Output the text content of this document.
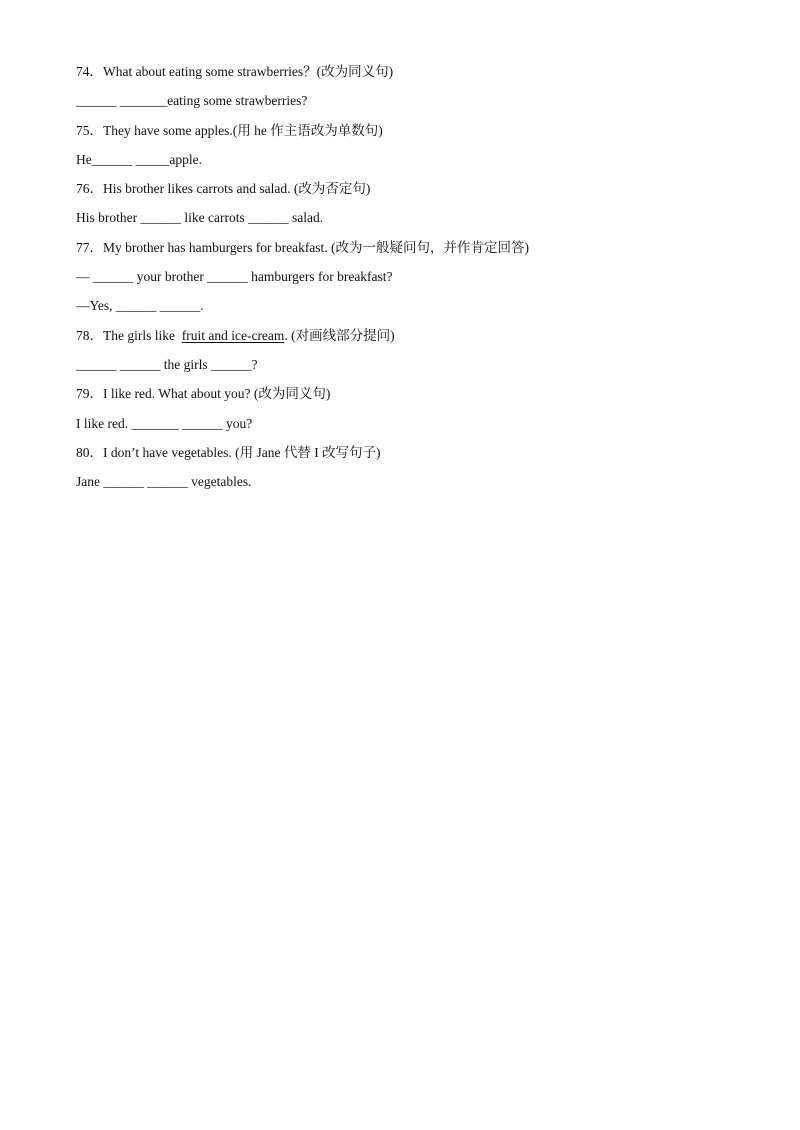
74．What about eating some strawberries？(改为同义句)
______ _______eating some strawberries?
75．They have some apples.(用 he 作主语改为单数句)
He______ _____apple.
76．His brother likes carrots and salad. (改为否定句)
His brother ______ like carrots ______ salad.
77．My brother has hamburgers for breakfast. (改为一般疑问句，并作肯定回答)
— ______ your brother ______ hamburgers for breakfast?
—Yes, ______ ______.
78．The girls like  fruit and ice-cream. (对画线部分提问)
______ ______ the girls ______?
79．I like red. What about you? (改为同义句)
I like red. _______ ______ you?
80．I don’t have vegetables. (用 Jane 代替 I 改写句子)
Jane ______ ______ vegetables.
